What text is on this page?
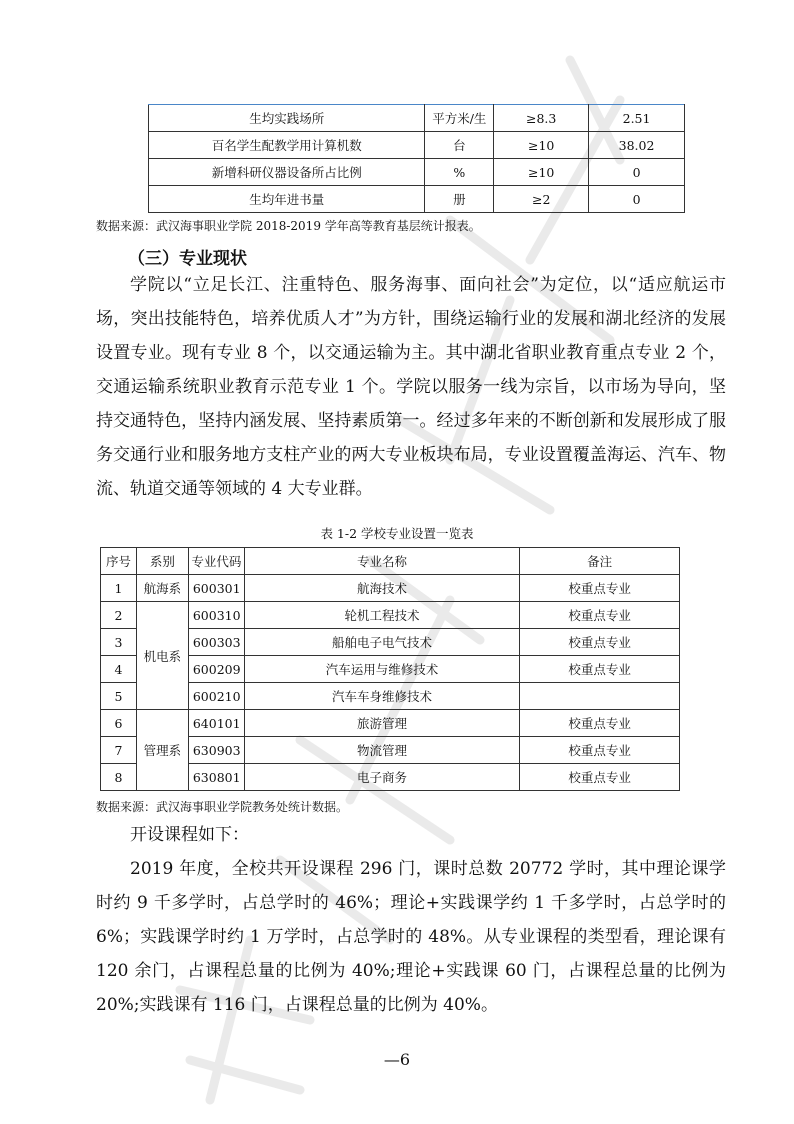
生均实践场所	平方米/生	≥8.3	2.51
百名学生配教学用计算机数	台	≥10	38.02
新增科研仪器设备所占比例	%	≥10	0
生均年进书量	册	≥2	0
数据来源：武汉海事职业学院 2018-2019 学年高等教育基层统计报表。
（三）专业现状

学院以“立足长江、注重特色、服务海事、面向社会”为定位，以“适应航运市场，突出技能特色，培养优质人才”为方针，围绕运输行业的发展和湖北经济的发展设置专业。现有专业 8 个，以交通运输为主。其中湖北省职业教育重点专业 2 个，交通运输系统职业教育示范专业 1 个。学院以服务一线为宗旨，以市场为导向，坚持交通特色，坚持内涵发展、坚持素质第一。经过多年来的不断创新和发展形成了服务交通行业和服务地方支柱产业的两大专业板块布局，专业设置覆盖海运、汽车、物流、轨道交通等领域的 4 大专业群。

表 1-2 学校专业设置一览表
序号	系别	专业代码	专业名称	备注
1	航海系	600301	航海技术	校重点专业
2	机电系	600310	轮机工程技术	校重点专业
3		600303	船舶电子电气技术	校重点专业
4		600209	汽车运用与维修技术	校重点专业
5		600210	汽车车身维修技术	
6	管理系	640101	旅游管理	校重点专业
7		630903	物流管理	校重点专业
8		630801	电子商务	校重点专业
数据来源：武汉海事职业学院教务处统计数据。

开设课程如下：

2019 年度，全校共开设课程 296 门，课时总数 20772 学时，其中理论课学时约 9 千多学时，占总学时的 46%；理论+实践课学约 1 千多学时，占总学时的 6%；实践课学时约 1 万学时，占总学时的 48%。从专业课程的类型看，理论课有 120 余门，占课程总量的比例为 40%;理论+实践课 60 门，占课程总量的比例为 20%;实践课有 116 门，占课程总量的比例为 40%。

—6
